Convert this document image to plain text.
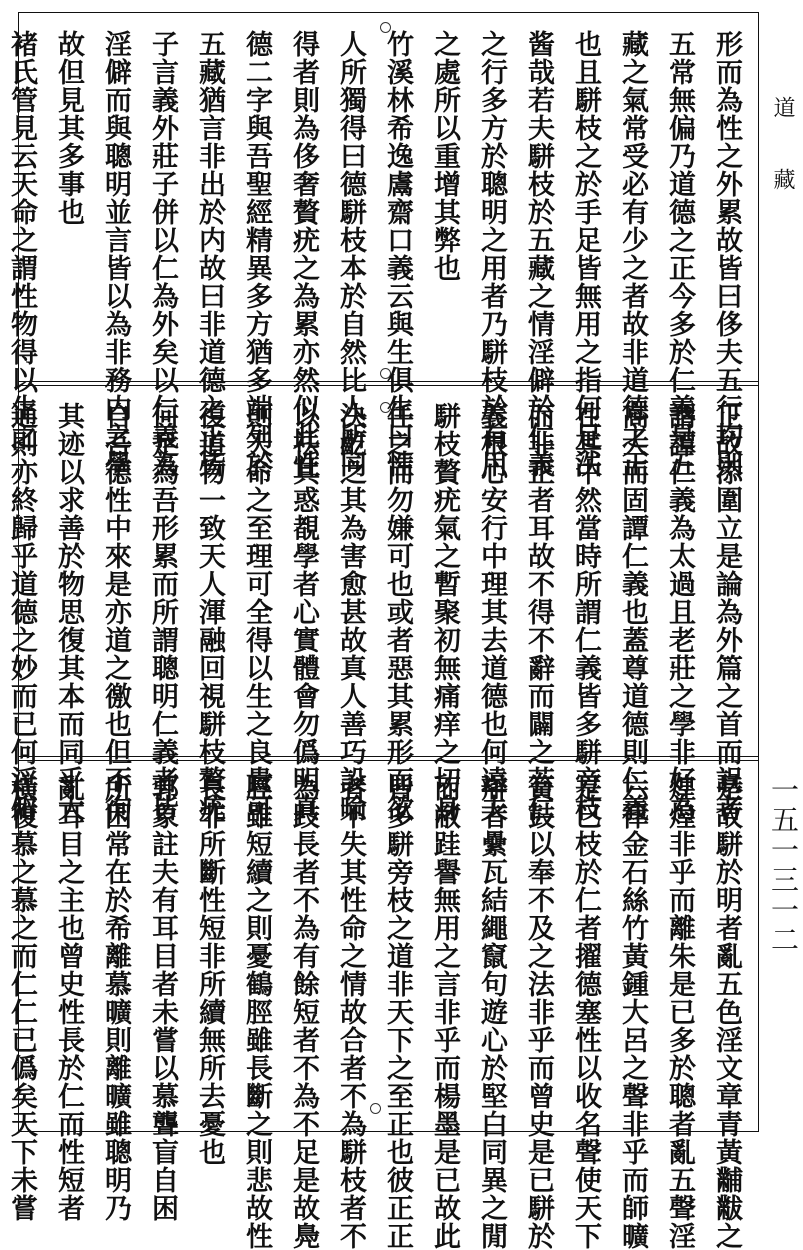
形而為性之外累故皆曰侈夫五行均則
五常無偏乃道德之正今多於仁義是五
藏之氣常受必有少之者故非道德之正
也且駢枝之於手足皆無用之指何足泆
酱哉若夫駢枝於五藏之情淫僻於仁義
之行多方於聰明之用者乃駢枝於有用
之處所以重增其弊也
竹溪林希逸鬳齋口義云與生俱生曰性
人所獨得曰德駢枝本於自然比人所同
得者則為侈奢贅疣之為累亦然似此性
德二字與吾聖經精異多方猶多端列於
五藏猶言非出於内故曰非道德之正皆
子言義外莊子併以仁為外矣以仁義為
淫僻而與聰明並言皆以為非務内之學
故但見其多事也
褚氏管見云天命之謂性物得以生之
正故添圍立是論為外篇之首而誤者
謂譚仁義為太過且老莊之學非好為
高大而固譚仁義也蓋尊道德則仁義
在其中然當時所謂仁義皆多駢旁枝
而非正者耳故不得不辭而闢之若仁
義根心安行中理其去道德也何遠夫
駢枝贅疣氣之暫聚初無痛痒之切身
任之而勿嫌可也或者惡其累形而欲
決齕之其為害愈甚故真人善巧設喻
以祛其惑覩學者心實體會勿僞明真
則天命之至理可全得以生之良貴可
復道物一致天人渾融回視駢枝贅疣
何足為吾形累而所謂聰明仁義者皆
自吾德性中來是亦道之徼也但不徇
其迹以求善於物思復其本而同乎大
通則亦終歸乎道德之妙而已何淫僻
是故駢於明者亂五色淫文章青黃黼黻之
煌煌非乎而離朱是已多於聰者亂五聲淫
六律金石絲竹黃鍾大呂之聲非乎而師曠
是已枝於仁者擢德塞性以收名聲使天下
簧鼓以奉不及之法非乎而曾史是已駢於
辯者纍瓦結繩竄句遊心於堅白同異之閒
而敝跬譽無用之言非乎而楊墨是已故此
皆多駢旁枝之道非天下之至正也彼正正
者不失其性命之情故合者不為駢枝者不
為跂長者不為有餘短者不為不足是故鳧
脛雖短續之則憂鶴脛雖長斷之則悲故性
長非所斷性短非所續無所去憂也
郭象註夫有耳目者未嘗以慕聾盲自困
所困常在於希離慕曠則離曠雖聰明乃
亂耳目之主也曾史性長於仁而性短者
橫復慕之慕之而仁仁已僞矣天下未嘗
道藏
一五一三一二
